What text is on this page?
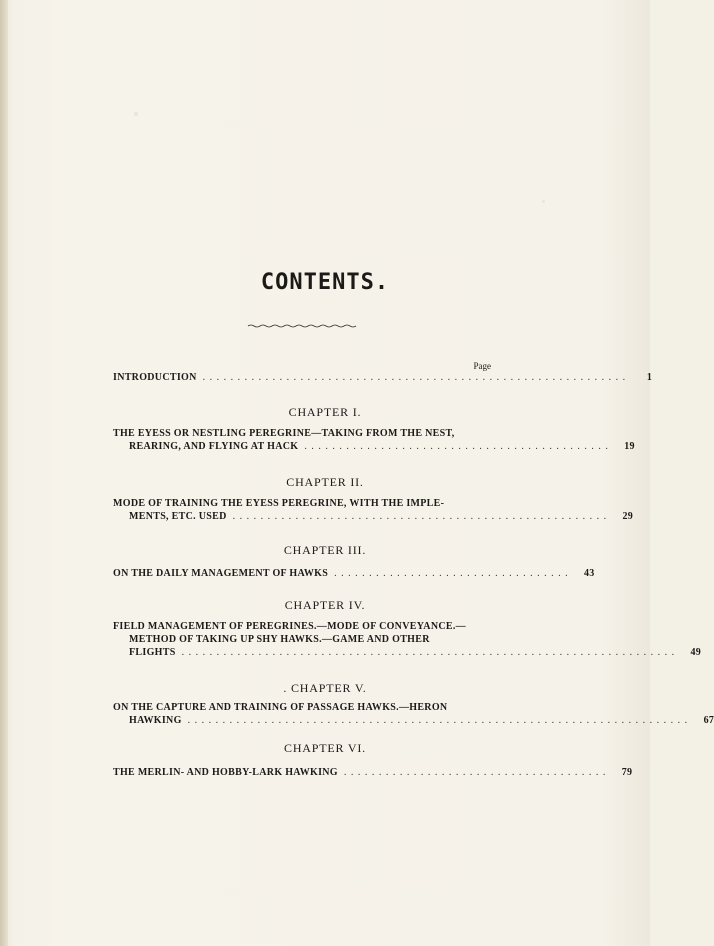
CONTENTS.
Page
INTRODUCTION . . . . . . . . . . . . . . . . . . . . . . . . . . . . . . . . . . . . . . . . . . . . . . . . . . . . . . . . . . . . .	1
CHAPTER I.
THE EYESS OR NESTLING PEREGRINE—TAKING FROM THE NEST,
REARING, AND FLYING AT HACK . . . . . . . . . . . . . . . . . . . . . . . . . . . . . . . . . . . . . . . . . . . .	19
CHAPTER II.
MODE OF TRAINING THE EYESS PEREGRINE, WITH THE IMPLE-
MENTS, ETC. USED . . . . . . . . . . . . . . . . . . . . . . . . . . . . . . . . . . . . . . . . . . . . . . . . . . . . . .	29
CHAPTER III.
ON THE DAILY MANAGEMENT OF HAWKS . . . . . . . . . . . . . . . . . . . . . . . . . . . . . . . . . .	43
CHAPTER IV.
FIELD MANAGEMENT OF PEREGRINES.—MODE OF CONVEYANCE.—
METHOD OF TAKING UP SHY HAWKS.—GAME AND OTHER
FLIGHTS . . . . . . . . . . . . . . . . . . . . . . . . . . . . . . . . . . . . . . . . . . . . . . . . . . . . . . . . . . . . . . . . . . . . . . .	49
. CHAPTER V.
ON THE CAPTURE AND TRAINING OF PASSAGE HAWKS.—HERON
HAWKING . . . . . . . . . . . . . . . . . . . . . . . . . . . . . . . . . . . . . . . . . . . . . . . . . . . . . . . . . . . . . . . . . . . . . . . .	67
CHAPTER VI.
THE MERLIN- AND HOBBY-LARK HAWKING . . . . . . . . . . . . . . . . . . . . . . . . . . . . . . . . . . . . . .	79
